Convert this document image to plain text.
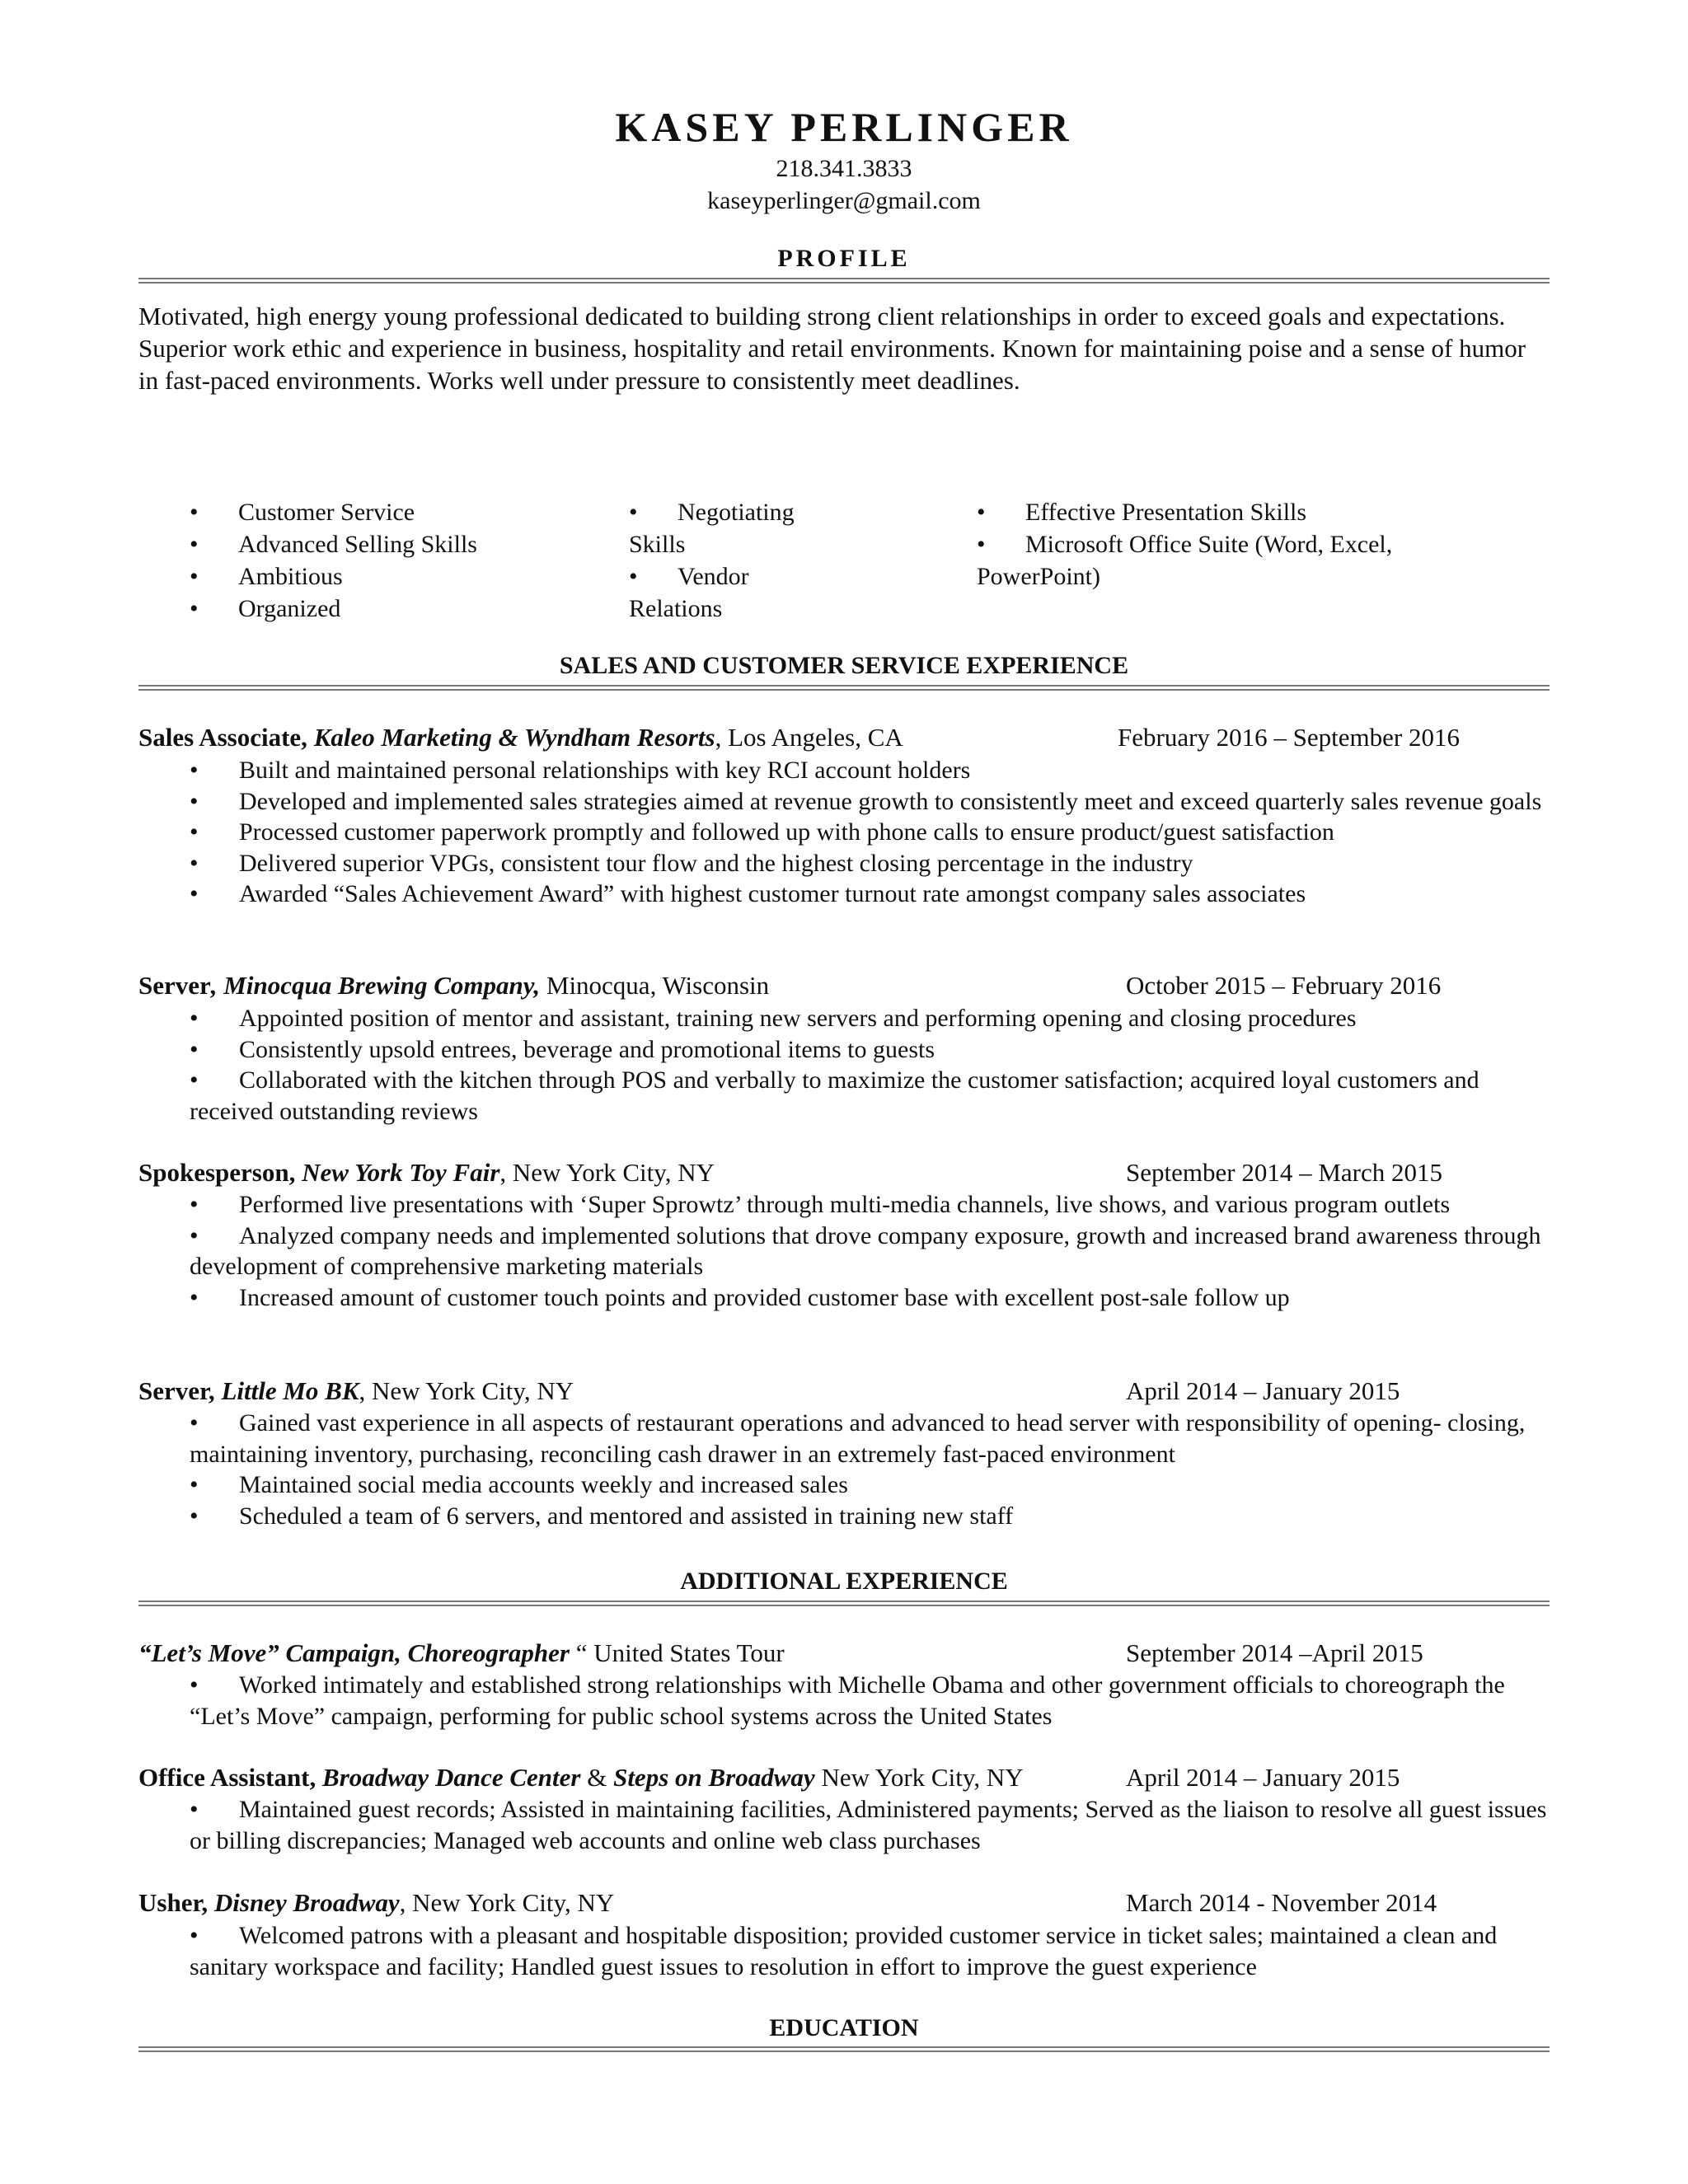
KASEY PERLINGER
218.341.3833
kaseyperlinger@gmail.com
PROFILE
Motivated, high energy young professional dedicated to building strong client relationships in order to exceed goals and expectations. Superior work ethic and experience in business, hospitality and retail environments. Known for maintaining poise and a sense of humor in fast-paced environments. Works well under pressure to consistently meet deadlines.
• Customer Service
• Advanced Selling Skills
• Ambitious
• Organized
• Negotiating
Skills
• Vendor
Relations
• Effective Presentation Skills
• Microsoft Office Suite (Word, Excel,
PowerPoint)
SALES AND CUSTOMER SERVICE EXPERIENCE
Sales Associate, Kaleo Marketing & Wyndham Resorts, Los Angeles, CA	February 2016 – September 2016
•	Built and maintained personal relationships with key RCI account holders
•	Developed and implemented sales strategies aimed at revenue growth to consistently meet and exceed quarterly sales revenue goals
•	Processed customer paperwork promptly and followed up with phone calls to ensure product/guest satisfaction
•	Delivered superior VPGs, consistent tour flow and the highest closing percentage in the industry
•	Awarded “Sales Achievement Award” with highest customer turnout rate amongst company sales associates
Server, Minocqua Brewing Company, Minocqua, Wisconsin	October 2015 – February 2016
•	Appointed position of mentor and assistant, training new servers and performing opening and closing procedures
•	Consistently upsold entrees, beverage and promotional items to guests
•	Collaborated with the kitchen through POS and verbally to maximize the customer satisfaction; acquired loyal customers and received outstanding reviews
Spokesperson, New York Toy Fair, New York City, NY	September 2014 – March 2015
•	Performed live presentations with ‘Super Sprowtz’ through multi-media channels, live shows, and various program outlets
•	Analyzed company needs and implemented solutions that drove company exposure, growth and increased brand awareness through development of comprehensive marketing materials
•	Increased amount of customer touch points and provided customer base with excellent post-sale follow up
Server, Little Mo BK, New York City, NY	April 2014 – January 2015
•	Gained vast experience in all aspects of restaurant operations and advanced to head server with responsibility of opening- closing, maintaining inventory, purchasing, reconciling cash drawer in an extremely fast-paced environment
•	Maintained social media accounts weekly and increased sales
•	Scheduled a team of 6 servers, and mentored and assisted in training new staff
ADDITIONAL EXPERIENCE
“Let’s Move” Campaign, Choreographer “ United States Tour	September 2014 –April 2015
•	Worked intimately and established strong relationships with Michelle Obama and other government officials to choreograph the “Let’s Move” campaign, performing for public school systems across the United States
Office Assistant, Broadway Dance Center & Steps on Broadway New York City, NY	April 2014 – January 2015
•	Maintained guest records; Assisted in maintaining facilities, Administered payments; Served as the liaison to resolve all guest issues or billing discrepancies; Managed web accounts and online web class purchases
Usher, Disney Broadway, New York City, NY	March 2014 - November 2014
•	Welcomed patrons with a pleasant and hospitable disposition; provided customer service in ticket sales; maintained a clean and sanitary workspace and facility; Handled guest issues to resolution in effort to improve the guest experience
EDUCATION
